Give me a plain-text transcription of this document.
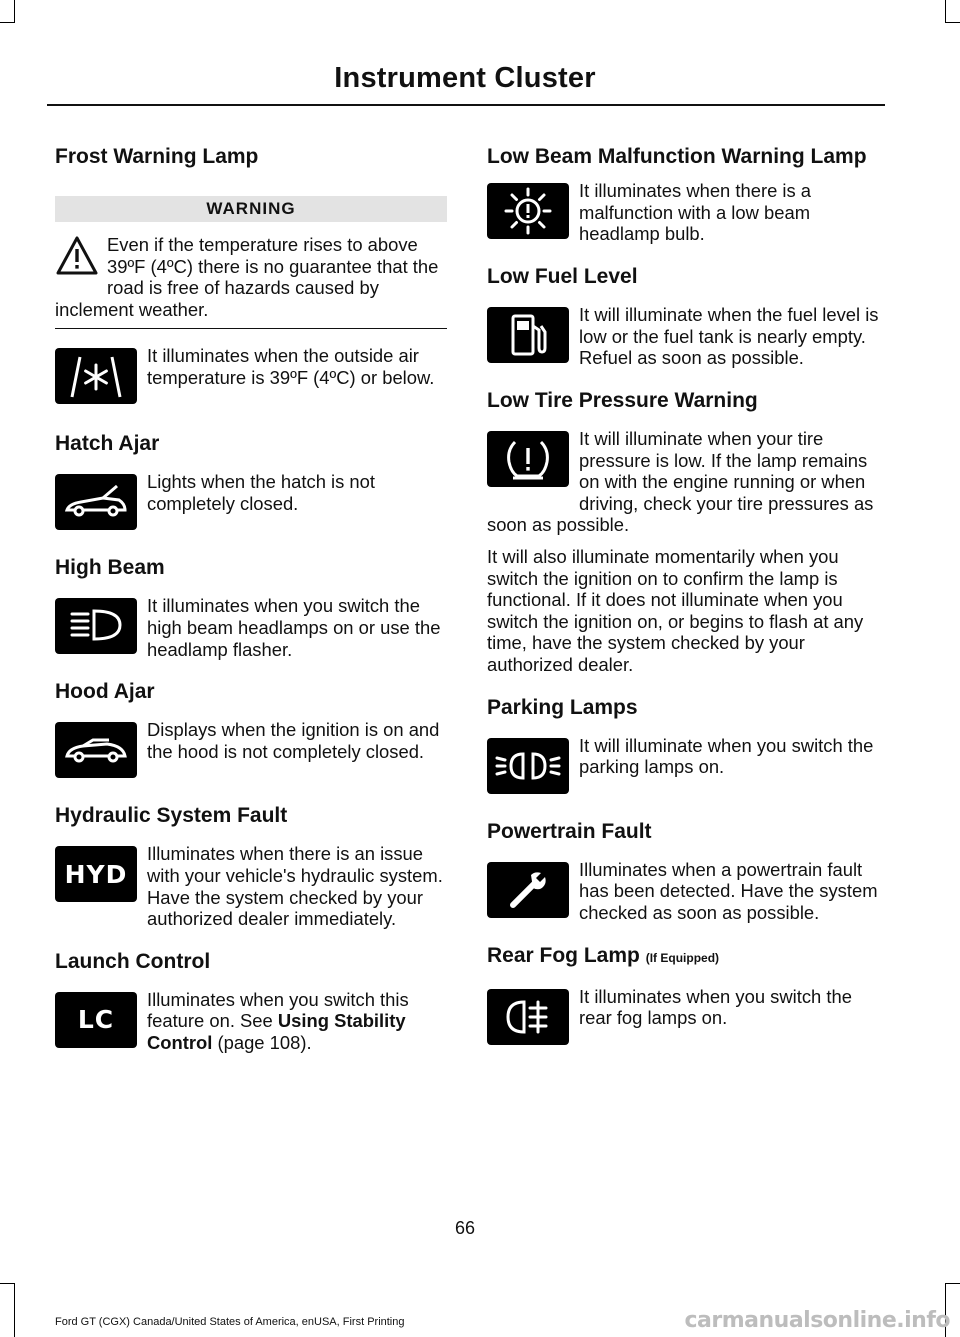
Instrument Cluster
Frost Warning Lamp
WARNING

Even if the temperature rises to above 39ºF (4ºC) there is no guarantee that the road is free of hazards caused by inclement weather.

It illuminates when the outside air temperature is 39ºF (4ºC) or below.

Hatch Ajar

Lights when the hatch is not completely closed.

High Beam

It illuminates when you switch the high beam headlamps on or use the headlamp flasher.

Hood Ajar

Displays when the ignition is on and the hood is not completely closed.

Hydraulic System Fault
HYD

Illuminates when there is an issue with your vehicle's hydraulic system. Have the system checked by your authorized dealer immediately.

Launch Control
LC

Illuminates when you switch this feature on. See Using Stability Control (page 108).

Low Beam Malfunction Warning Lamp

It illuminates when there is a malfunction with a low beam headlamp bulb.

Low Fuel Level

It will illuminate when the fuel level is low or the fuel tank is nearly empty. Refuel as soon as possible.

Low Tire Pressure Warning

It will illuminate when your tire pressure is low. If the lamp remains on with the engine running or when driving, check your tire pressures as soon as possible.

It will also illuminate momentarily when you switch the ignition on to confirm the lamp is functional. If it does not illuminate when you switch the ignition on, or begins to flash at any time, have the system checked by your authorized dealer.

Parking Lamps

It will illuminate when you switch the parking lamps on.

Powertrain Fault

Illuminates when a powertrain fault has been detected. Have the system checked as soon as possible.

Rear Fog Lamp (If Equipped)

It illuminates when you switch the rear fog lamps on.

66
Ford GT (CGX) Canada/United States of America, enUSA, First Printing	carmanualsonline.info
